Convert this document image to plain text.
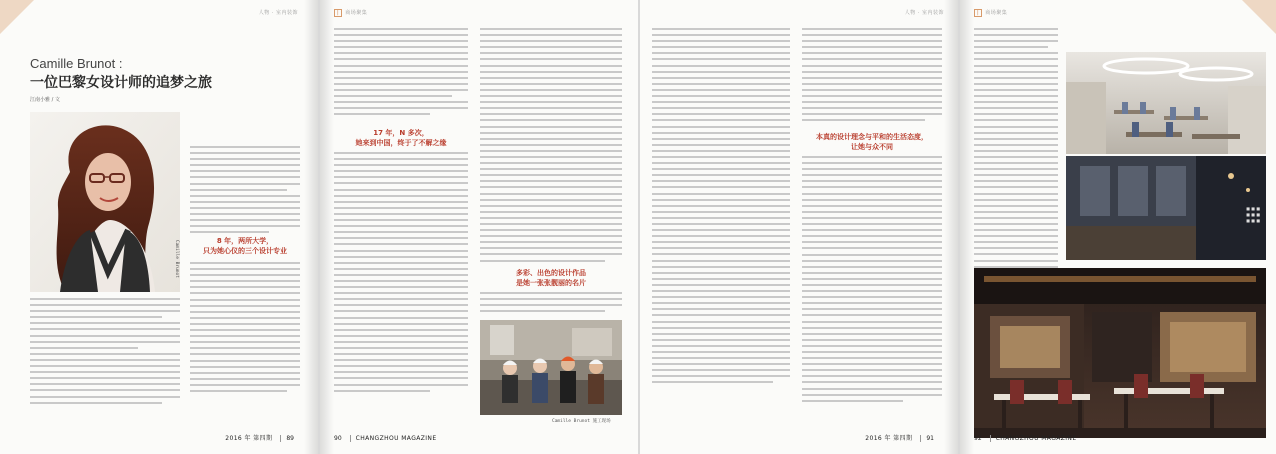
人物 · 室内装饰
Camille Brunot :
一位巴黎女设计师的追梦之旅
江南小雅 / 文
Camille Brunot	8 年，两所大学，
只为她心仪的三个设计专业
2016 年 第四期 89
| 商场聚集
17 年，N 多次，
她来到中国，终于了不解之缘
多彩、出色的设计作品
是她一张张靓丽的名片
Camille Brunot 施工现场
90 CHANGZHOU MAGAZINE
人物 · 室内装饰
本真的设计理念与平和的生活态度，
让她与众不同
2016 年 第四期 91
| 商场聚集
■ ■ ■
■ ■ ■
■ ■ ■
92 CHANGZHOU MAGAZINE
